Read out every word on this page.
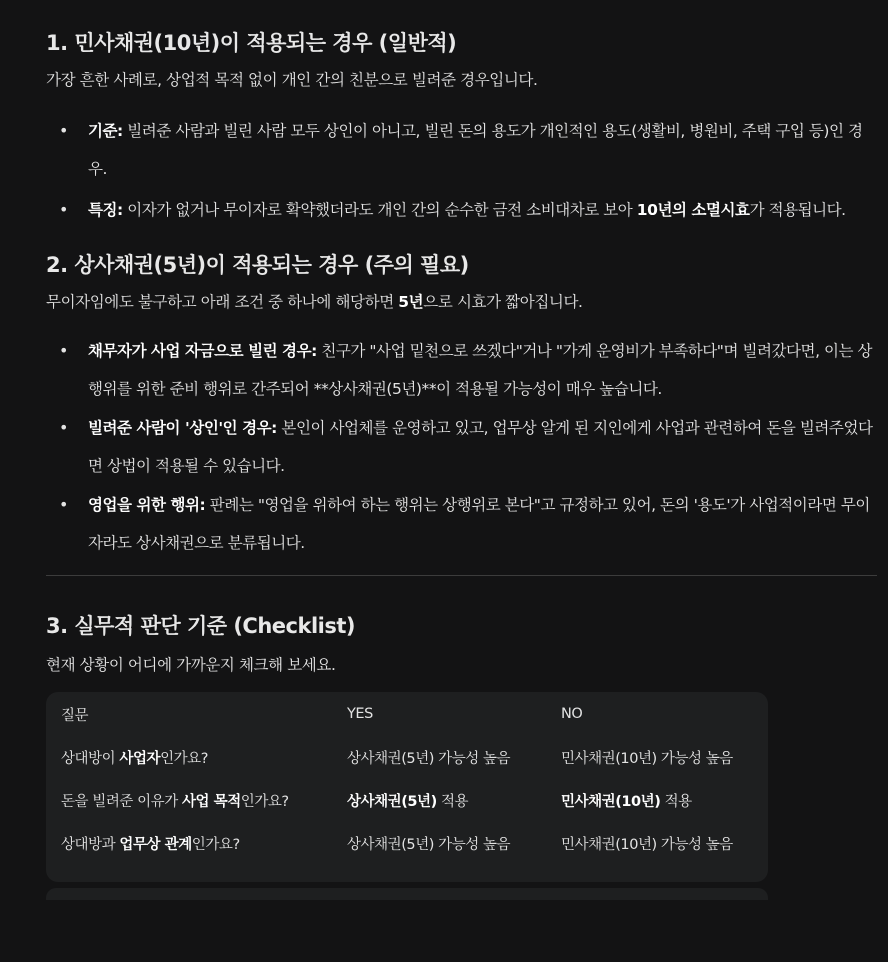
1. 민사채권(10년)이 적용되는 경우 (일반적)

가장 흔한 사례로, 상업적 목적 없이 개인 간의 친분으로 빌려준 경우입니다.

• 기준: 빌려준 사람과 빌린 사람 모두 상인이 아니고, 빌린 돈의 용도가 개인적인 용도(생활비, 병원비, 주택 구입 등)인 경우.
• 특징: 이자가 없거나 무이자로 확약했더라도 개인 간의 순수한 금전 소비대차로 보아 10년의 소멸시효가 적용됩니다.
2. 상사채권(5년)이 적용되는 경우 (주의 필요)

무이자임에도 불구하고 아래 조건 중 하나에 해당하면 5년으로 시효가 짧아집니다.

• 채무자가 사업 자금으로 빌린 경우: 친구가 "사업 밑천으로 쓰겠다"거나 "가게 운영비가 부족하다"며 빌려갔다면, 이는 상행위를 위한 준비 행위로 간주되어 **상사채권(5년)**이 적용될 가능성이 매우 높습니다.
• 빌려준 사람이 '상인'인 경우: 본인이 사업체를 운영하고 있고, 업무상 알게 된 지인에게 사업과 관련하여 돈을 빌려주었다면 상법이 적용될 수 있습니다.
• 영업을 위한 행위: 판례는 "영업을 위하여 하는 행위는 상행위로 본다"고 규정하고 있어, 돈의 '용도'가 사업적이라면 무이자라도 상사채권으로 분류됩니다.
3. 실무적 판단 기준 (Checklist)

현재 상황이 어디에 가까운지 체크해 보세요.

질문	YES	NO
상대방이 사업자인가요?	상사채권(5년) 가능성 높음	민사채권(10년) 가능성 높음
돈을 빌려준 이유가 사업 목적인가요?	상사채권(5년) 적용	민사채권(10년) 적용
상대방과 업무상 관계인가요?	상사채권(5년) 가능성 높음	민사채권(10년) 가능성 높음
